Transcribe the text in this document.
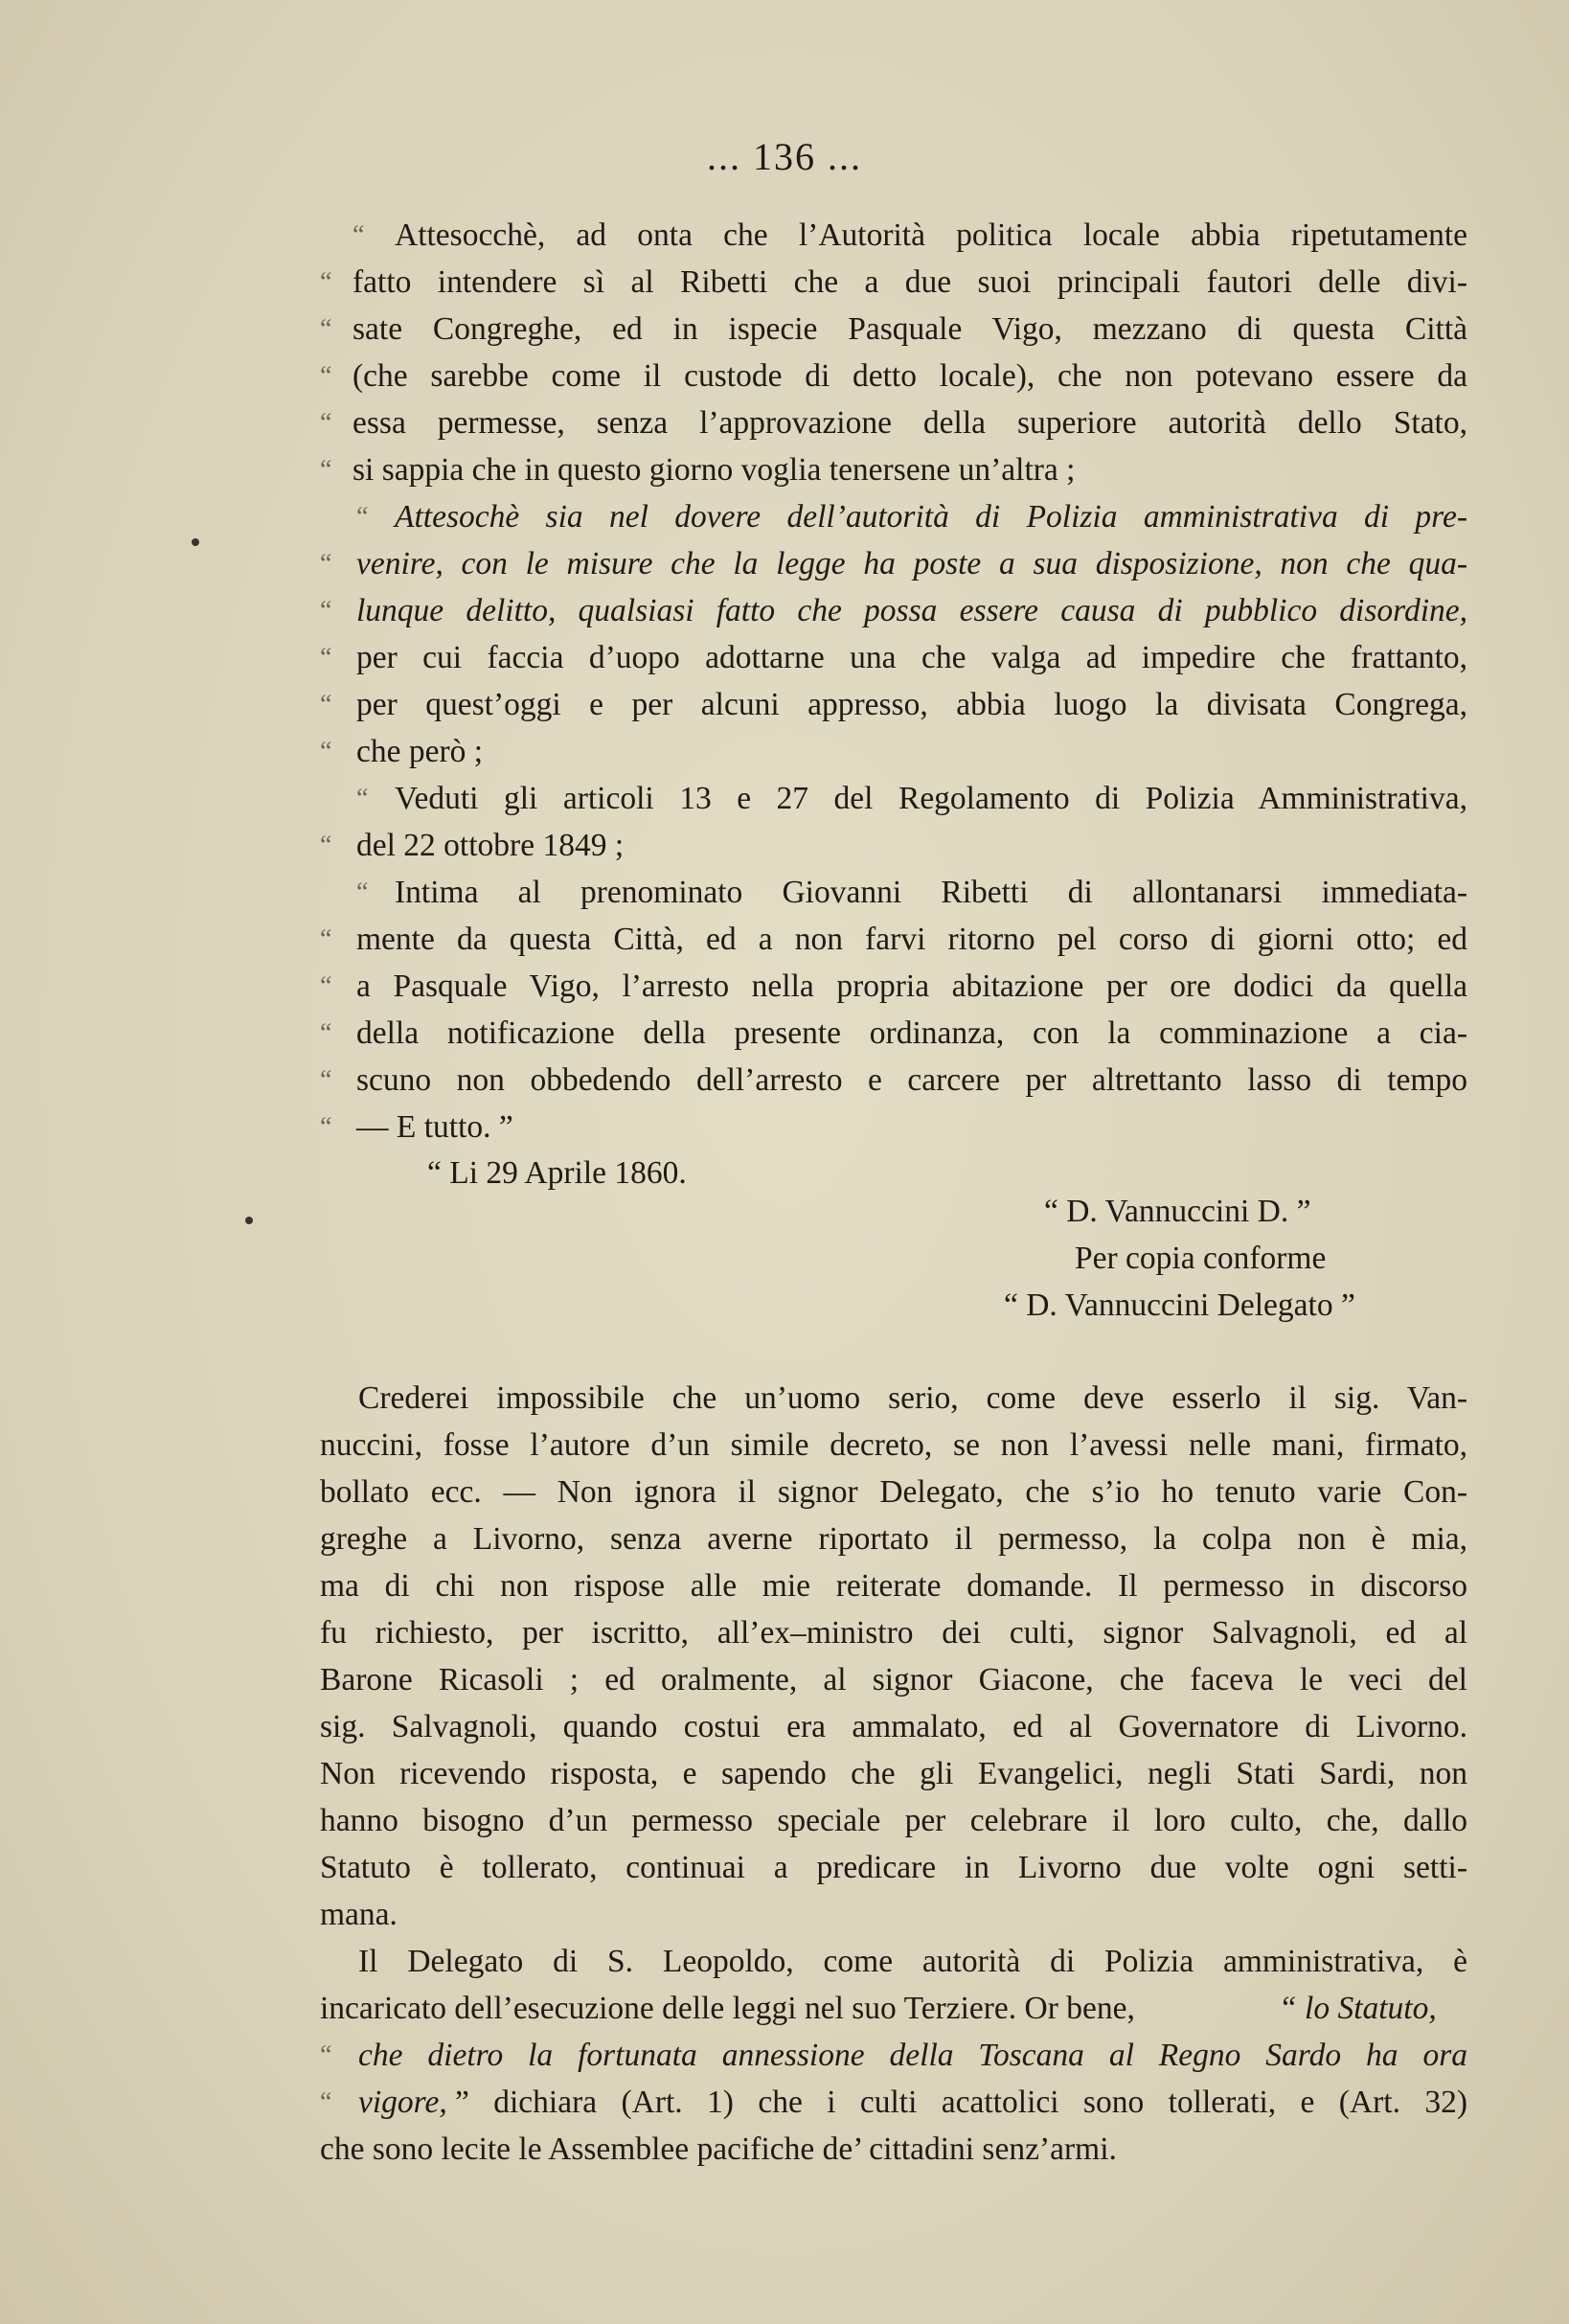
... 136 ...
“ Attesocchè, ad onta che l’Autorità politica locale abbia ripetutamente
“ fatto intendere sì al Ribetti che a due suoi principali fautori delle divi-
“ sate Congreghe, ed in ispecie Pasquale Vigo, mezzano di questa Città
“ (che sarebbe come il custode di detto locale), che non potevano essere da
“ essa permesse, senza l’approvazione della superiore autorità dello Stato,
“ si sappia che in questo giorno voglia tenersene un’altra ;
“ Attesochè sia nel dovere dell’autorità di Polizia amministrativa di pre-
“ venire, con le misure che la legge ha poste a sua disposizione, non che qua-
“ lunque delitto, qualsiasi fatto che possa essere causa di pubblico disordine,
“ per cui faccia d’uopo adottarne una che valga ad impedire che frattanto,
“ per quest’oggi e per alcuni appresso, abbia luogo la divisata Congrega,
“ che però ;
“ Veduti gli articoli 13 e 27 del Regolamento di Polizia Amministrativa,
“ del 22 ottobre 1849 ;
“ Intima al prenominato Giovanni Ribetti di allontanarsi immediata-
“ mente da questa Città, ed a non farvi ritorno pel corso di giorni otto; ed
“ a Pasquale Vigo, l’arresto nella propria abitazione per ore dodici da quella
“ della notificazione della presente ordinanza, con la comminazione a cia-
“ scuno non obbedendo dell’arresto e carcere per altrettanto lasso di tempo
“ — E tutto. ”
“ Li 29 Aprile 1860.
“ D. Vannuccini D. ”
Per copia conforme
“ D. Vannuccini Delegato ”
Crederei impossibile che un’uomo serio, come deve esserlo il sig. Van-
nuccini, fosse l’autore d’un simile decreto, se non l’avessi nelle mani, firmato,
bollato ecc. — Non ignora il signor Delegato, che s’io ho tenuto varie Con-
greghe a Livorno, senza averne riportato il permesso, la colpa non è mia,
ma di chi non rispose alle mie reiterate domande. Il permesso in discorso
fu richiesto, per iscritto, all’ex–ministro dei culti, signor Salvagnoli, ed al
Barone Ricasoli ; ed oralmente, al signor Giacone, che faceva le veci del
sig. Salvagnoli, quando costui era ammalato, ed al Governatore di Livorno.
Non ricevendo risposta, e sapendo che gli Evangelici, negli Stati Sardi, non
hanno bisogno d’un permesso speciale per celebrare il loro culto, che, dallo
Statuto è tollerato, continuai a predicare in Livorno due volte ogni setti-
mana.
Il Delegato di S. Leopoldo, come autorità di Polizia amministrativa, è
incaricato dell’esecuzione delle leggi nel suo Terziere. Or bene,	“ lo Statuto,
“ che dietro la fortunata annessione della Toscana al Regno Sardo ha ora
“ vigore, ” dichiara (Art. 1) che i culti acattolici sono tollerati, e (Art. 32)
che sono lecite le Assemblee pacifiche de’ cittadini senz’armi.
